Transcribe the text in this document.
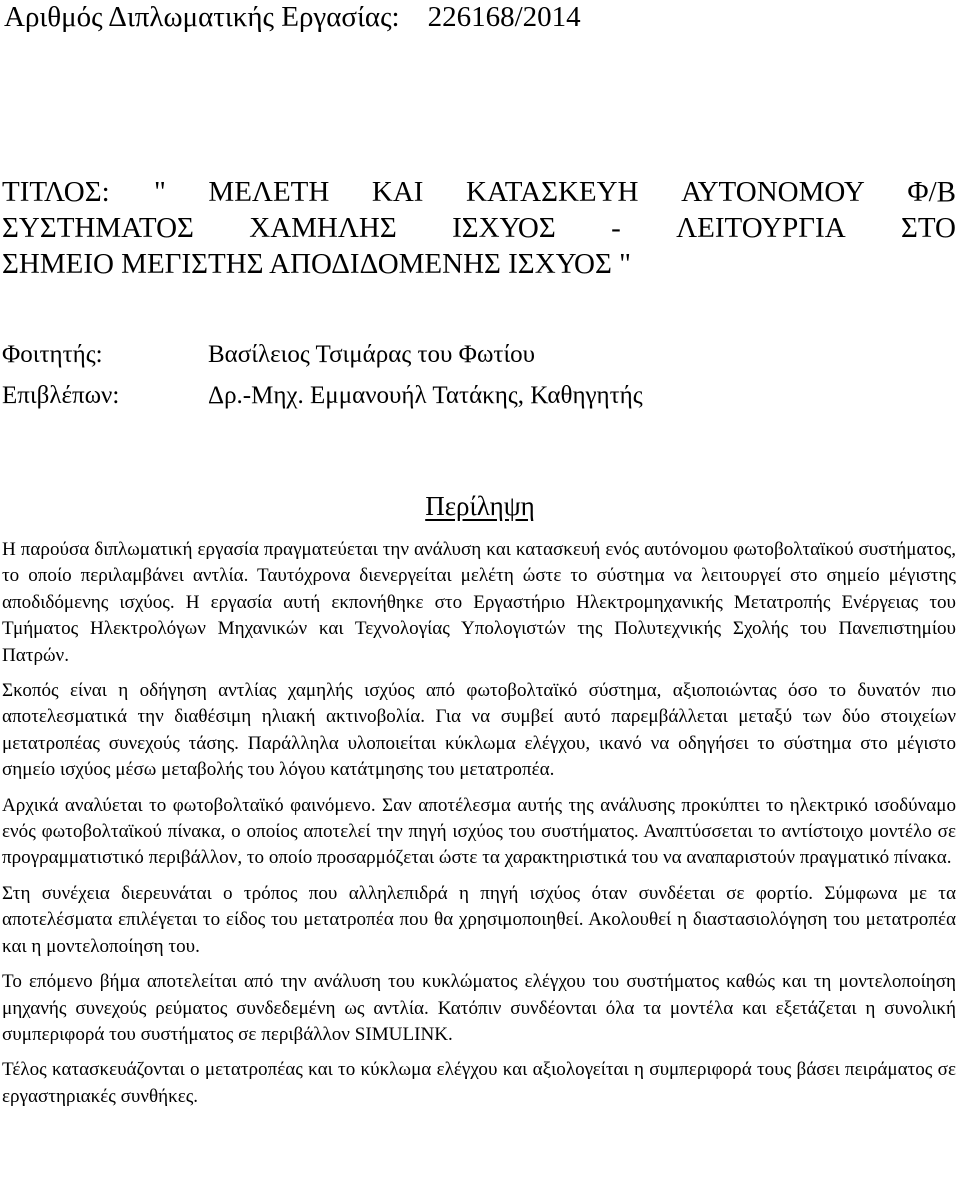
Αριθμός Διπλωματικής Εργασίας: 226168/2014
ΤΙΤΛΟΣ:	" ΜΕΛΕΤΗ ΚΑΙ ΚΑΤΑΣΚΕΥΗ ΑΥΤΟΝΟΜΟΥ Φ/Β
ΣΥΣΤΗΜΑΤΟΣ ΧΑΜΗΛΗΣ ΙΣΧΥΟΣ - ΛΕΙΤΟΥΡΓΙΑ ΣΤΟ
ΣΗΜΕΙΟ ΜΕΓΙΣΤΗΣ ΑΠΟΔΙΔΟΜΕΝΗΣ ΙΣΧΥΟΣ "
Φοιτητής:	Βασίλειος Τσιμάρας του Φωτίου
Επιβλέπων:	Δρ.-Μηχ. Εμμανουήλ Τατάκης, Καθηγητής
Περίληψη

Η παρούσα διπλωματική εργασία πραγματεύεται την ανάλυση και κατασκευή ενός αυτόνομου φωτοβολταϊκού συστήματος, το οποίο περιλαμβάνει αντλία. Ταυτόχρονα διενεργείται μελέτη ώστε το σύστημα να λειτουργεί στο σημείο μέγιστης αποδιδόμενης ισχύος. Η εργασία αυτή εκπονήθηκε στο Εργαστήριο Ηλεκτρομηχανικής Μετατροπής Ενέργειας του Τμήματος Ηλεκτρολόγων Μηχανικών και Τεχνολογίας Υπολογιστών της Πολυτεχνικής Σχολής του Πανεπιστημίου Πατρών.

Σκοπός είναι η οδήγηση αντλίας χαμηλής ισχύος από φωτοβολταϊκό σύστημα, αξιοποιώντας όσο το δυνατόν πιο αποτελεσματικά την διαθέσιμη ηλιακή ακτινοβολία. Για να συμβεί αυτό παρεμβάλλεται μεταξύ των δύο στοιχείων μετατροπέας συνεχούς τάσης. Παράλληλα υλοποιείται κύκλωμα ελέγχου, ικανό να οδηγήσει το σύστημα στο μέγιστο σημείο ισχύος μέσω μεταβολής του λόγου κατάτμησης του μετατροπέα.

Αρχικά αναλύεται το φωτοβολταϊκό φαινόμενο. Σαν αποτέλεσμα αυτής της ανάλυσης προκύπτει το ηλεκτρικό ισοδύναμο ενός φωτοβολταϊκού πίνακα, ο οποίος αποτελεί την πηγή ισχύος του συστήματος. Αναπτύσσεται το αντίστοιχο μοντέλο σε προγραμματιστικό περιβάλλον, το οποίο προσαρμόζεται ώστε τα χαρακτηριστικά του να αναπαριστούν πραγματικό πίνακα.

Στη συνέχεια διερευνάται ο τρόπος που αλληλεπιδρά η πηγή ισχύος όταν συνδέεται σε φορτίο. Σύμφωνα με τα αποτελέσματα επιλέγεται το είδος του μετατροπέα που θα χρησιμοποιηθεί. Ακολουθεί η διαστασιολόγηση του μετατροπέα και η μοντελοποίηση του.

Το επόμενο βήμα αποτελείται από την ανάλυση του κυκλώματος ελέγχου του συστήματος καθώς και τη μοντελοποίηση μηχανής συνεχούς ρεύματος συνδεδεμένη ως αντλία. Κατόπιν συνδέονται όλα τα μοντέλα και εξετάζεται η συνολική συμπεριφορά του συστήματος σε περιβάλλον SIMULINK.

Τέλος κατασκευάζονται ο μετατροπέας και το κύκλωμα ελέγχου και αξιολογείται η συμπεριφορά τους βάσει πειράματος σε εργαστηριακές συνθήκες.
